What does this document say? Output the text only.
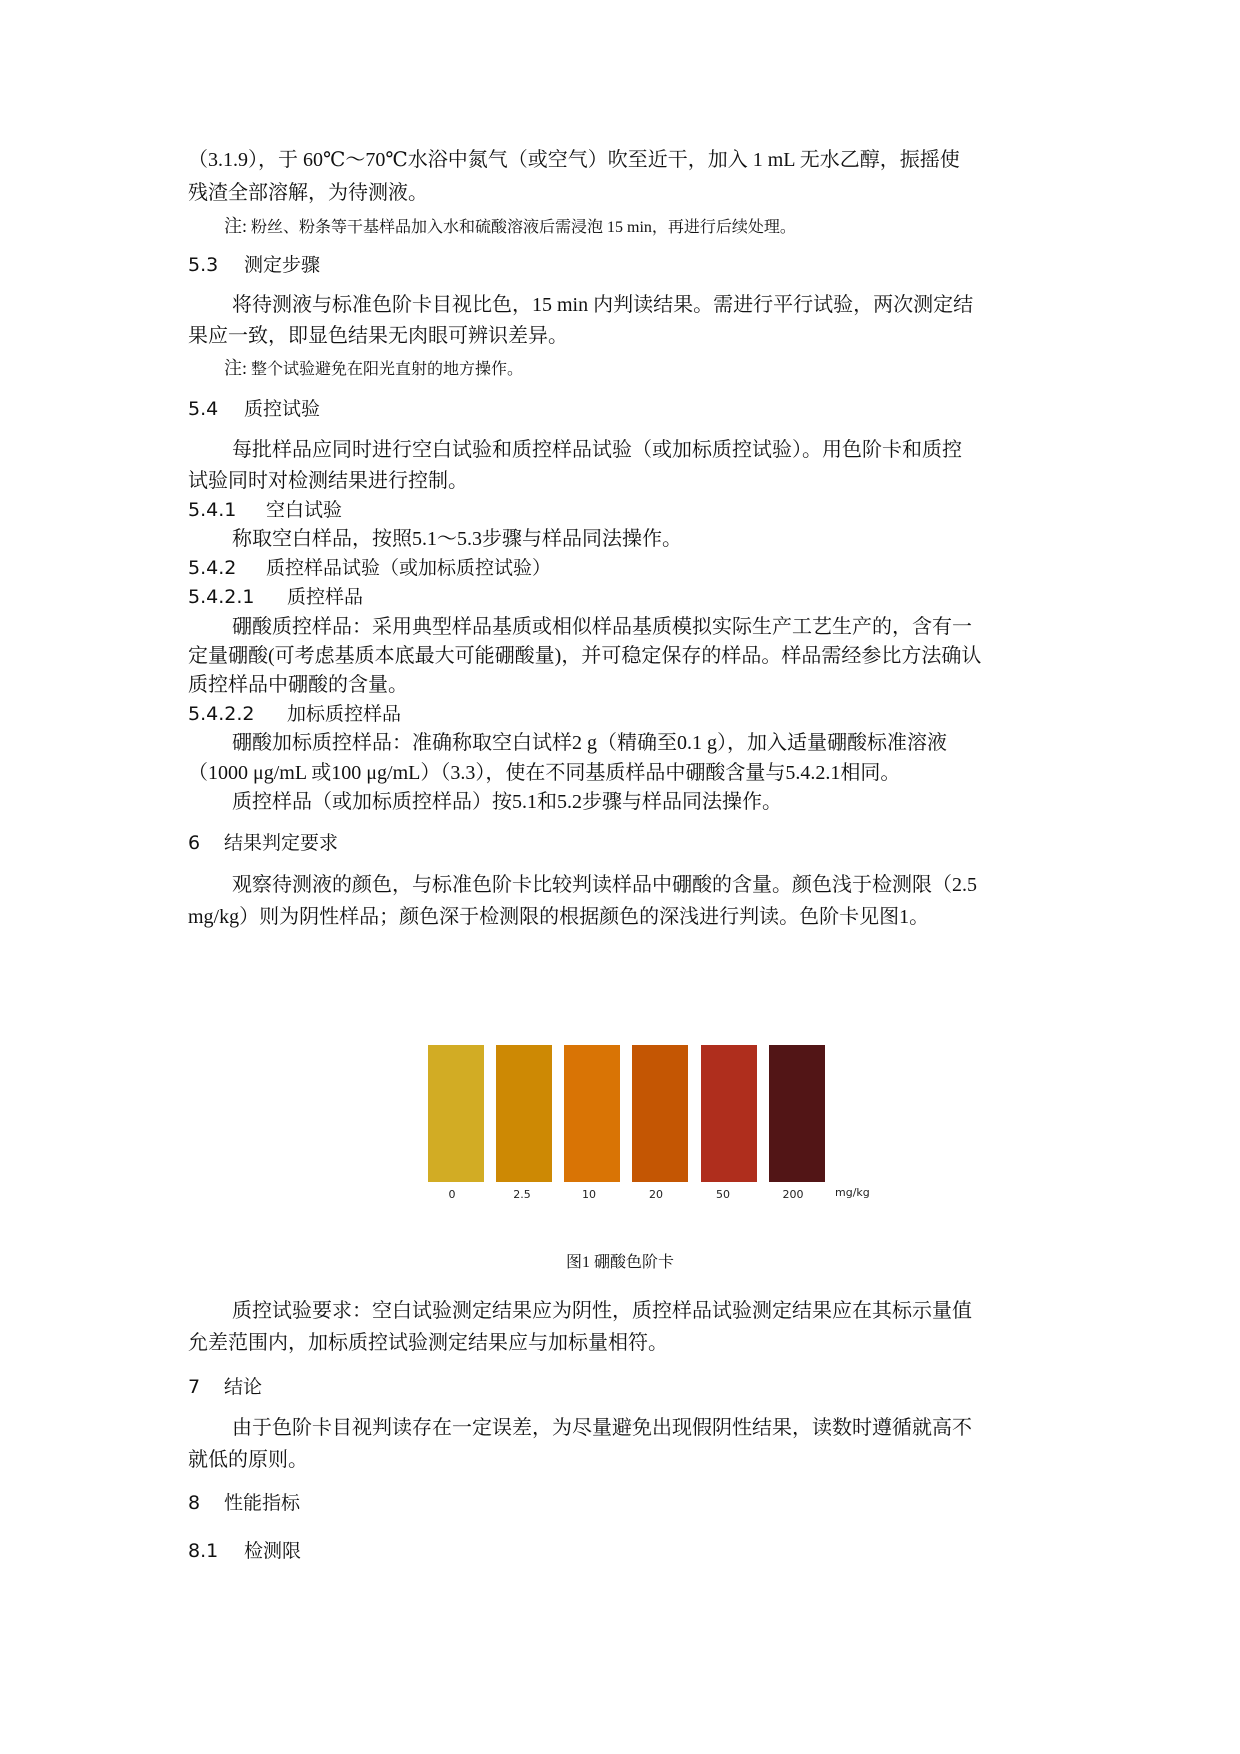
（3.1.9），于 60℃～70℃水浴中氮气（或空气）吹至近干，加入 1 mL 无水乙醇，振摇使
残渣全部溶解，为待测液。
注: 粉丝、粉条等干基样品加入水和硫酸溶液后需浸泡 15 min，再进行后续处理。
5.3 测定步骤
将待测液与标准色阶卡目视比色，15 min 内判读结果。需进行平行试验，两次测定结
果应一致，即显色结果无肉眼可辨识差异。
注: 整个试验避免在阳光直射的地方操作。
5.4 质控试验
每批样品应同时进行空白试验和质控样品试验（或加标质控试验）。用色阶卡和质控
试验同时对检测结果进行控制。
5.4.1 空白试验
称取空白样品，按照5.1～5.3步骤与样品同法操作。
5.4.2 质控样品试验（或加标质控试验）
5.4.2.1 质控样品
硼酸质控样品：采用典型样品基质或相似样品基质模拟实际生产工艺生产的，含有一
定量硼酸(可考虑基质本底最大可能硼酸量)，并可稳定保存的样品。样品需经参比方法确认
质控样品中硼酸的含量。
5.4.2.2 加标质控样品
硼酸加标质控样品：准确称取空白试样2 g（精确至0.1 g），加入适量硼酸标准溶液
（1000 μg/mL 或100 μg/mL）（3.3），使在不同基质样品中硼酸含量与5.4.2.1相同。
质控样品（或加标质控样品）按5.1和5.2步骤与样品同法操作。
6 结果判定要求
观察待测液的颜色，与标准色阶卡比较判读样品中硼酸的含量。颜色浅于检测限（2.5
mg/kg）则为阴性样品；颜色深于检测限的根据颜色的深浅进行判读。色阶卡见图1。
0	2.5	10	20	50	200	mg/kg
图1 硼酸色阶卡
质控试验要求：空白试验测定结果应为阴性，质控样品试验测定结果应在其标示量值
允差范围内，加标质控试验测定结果应与加标量相符。
7 结论
由于色阶卡目视判读存在一定误差，为尽量避免出现假阴性结果，读数时遵循就高不
就低的原则。
8 性能指标
8.1 检测限
